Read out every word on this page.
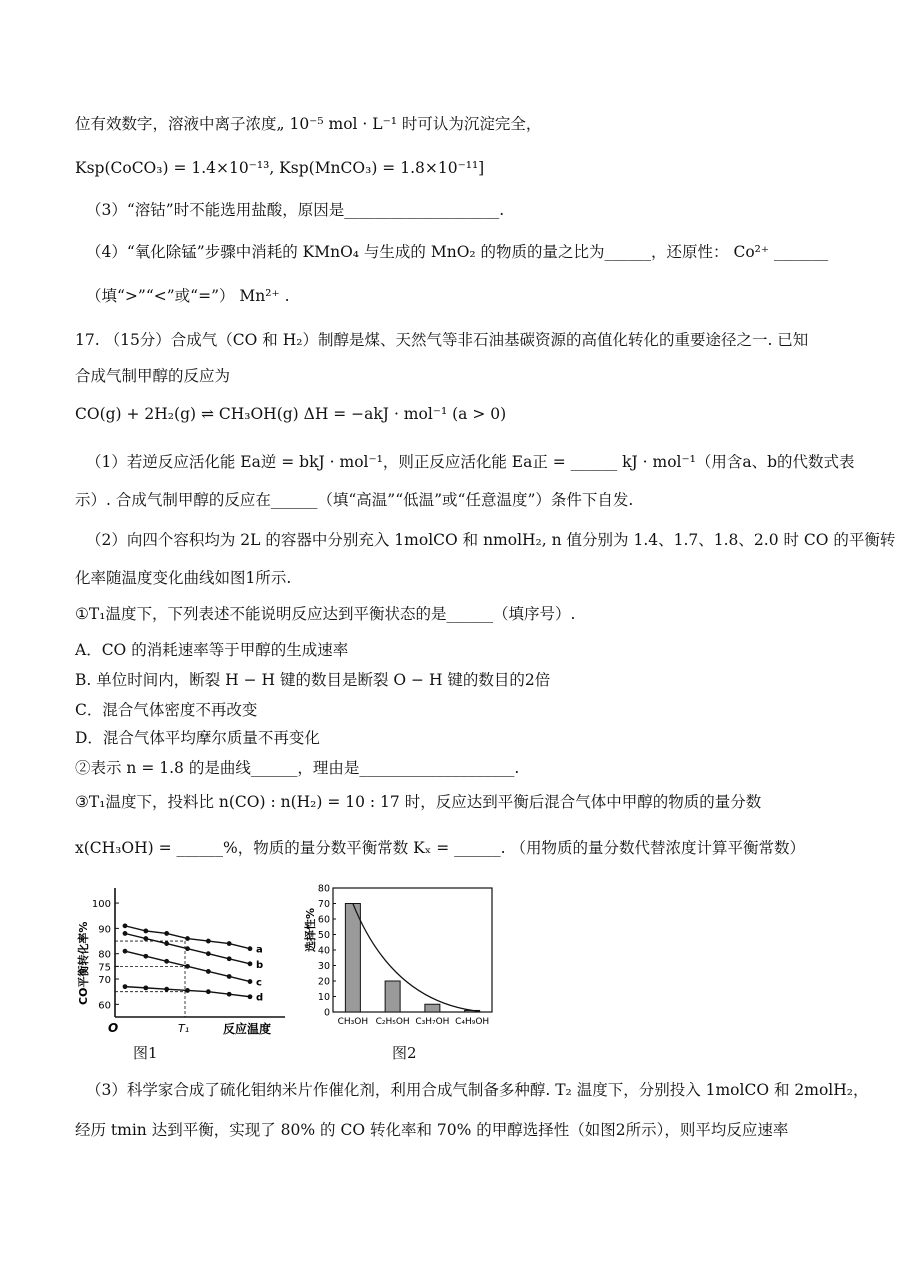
位有效数字，溶液中离子浓度„ 10⁻⁵ mol · L⁻¹ 时可认为沉淀完全，
Ksp(CoCO₃) = 1.4×10⁻¹³, Ksp(MnCO₃) = 1.8×10⁻¹¹]
（3）“溶钴”时不能选用盐酸，原因是____________________.
（4）“氧化除锰”步骤中消耗的 KMnO₄ 与生成的 MnO₂ 的物质的量之比为______，还原性： Co²⁺ _______
（填“>”“<”或“=”） Mn²⁺ .
17. （15分）合成气（CO 和 H₂）制醇是煤、天然气等非石油基碳资源的高值化转化的重要途径之一. 已知
合成气制甲醇的反应为
CO(g) + 2H₂(g) ⇌ CH₃OH(g) ΔH = −akJ · mol⁻¹ (a > 0)
（1）若逆反应活化能 Ea逆 = bkJ · mol⁻¹，则正反应活化能 Ea正 = ______ kJ · mol⁻¹（用含a、b的代数式表
示）. 合成气制甲醇的反应在______（填“高温”“低温”或“任意温度”）条件下自发.
（2）向四个容积均为 2L 的容器中分别充入 1molCO 和 nmolH₂, n 值分别为 1.4、1.7、1.8、2.0 时 CO 的平衡转
化率随温度变化曲线如图1所示.
①T₁温度下，下列表述不能说明反应达到平衡状态的是______（填序号）.
A．CO 的消耗速率等于甲醇的生成速率
B. 单位时间内，断裂 H − H 键的数目是断裂 O − H 键的数目的2倍
C．混合气体密度不再改变
D．混合气体平均摩尔质量不再变化
②表示 n = 1.8 的是曲线______，理由是____________________.
③T₁温度下，投料比 n(CO) : n(H₂) = 10 : 17 时，反应达到平衡后混合气体中甲醇的物质的量分数
x(CH₃OH) = ______%，物质的量分数平衡常数 Kₓ = ______. （用物质的量分数代替浓度计算平衡常数）
100
90
80
75
70
60
a
b
c
d
CO平衡转化率%
反应温度
O	T₁
图1
80
70
60
50
40
30
20
10
0
CH₃OH C₂H₅OH C₃H₇OH C₄H₉OH
选择性%
图2
（3）科学家合成了硫化钼纳米片作催化剂，利用合成气制备多种醇. T₂ 温度下，分别投入 1molCO 和 2molH₂，
经历 tmin 达到平衡，实现了 80% 的 CO 转化率和 70% 的甲醇选择性（如图2所示），则平均反应速率
